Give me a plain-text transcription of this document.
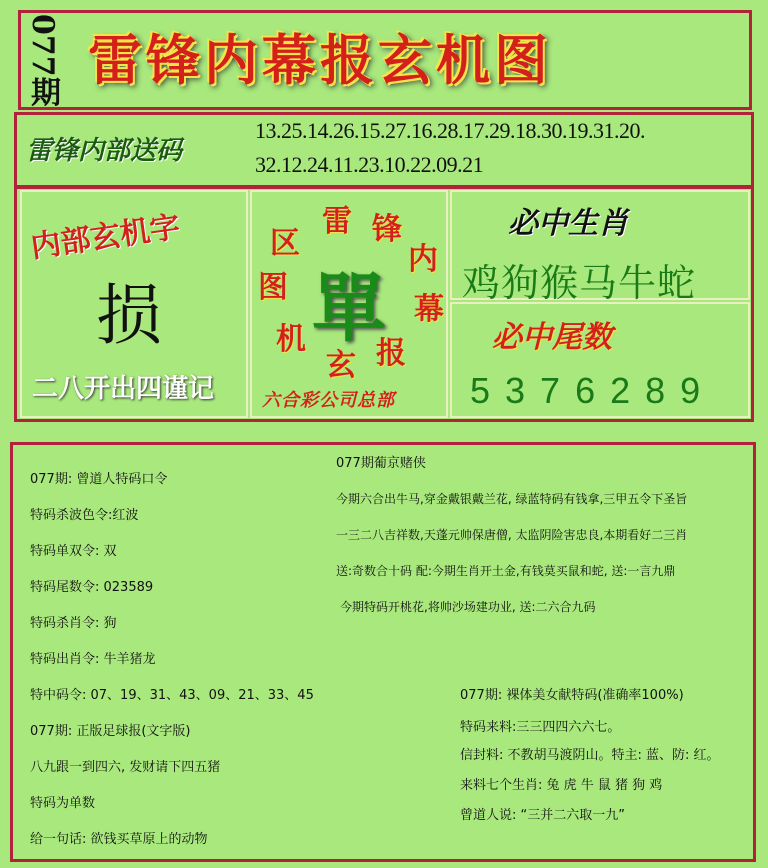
077期 雷锋内幕报玄机图
雷锋内部送码
13.25.14.26.15.27.16.28.17.29.18.30.19.31.20.
32.12.24.11.23.10.22.09.21
内部玄机字
损
二八开出四谨记
雷 锋
内
幕
报
玄
机
图
区
單
六合彩公司总部
必中生肖
鸡狗猴马牛蛇
必中尾数
5376289
077期: 曾道人特码口令
特码杀波色令:红波
特码单双令: 双
特码尾数令: 023589
特码杀肖令: 狗
特码出肖令: 牛羊猪龙
特中码令: 07、19、31、43、09、21、33、45
077期: 正版足球报(文字版)
八九跟一到四六, 发财请下四五猪
特码为单数
给一句话: 欲钱买草原上的动物
077期葡京赌侠
今期六合出牛马,穿金戴银戴兰花, 绿蓝特码有钱拿,三甲五令下圣旨
一三二八吉祥数,天蓬元帅保唐僧, 太监阴险害忠良,本期看好二三肖
送:奇数合十码 配:今期生肖开土金,有钱莫买鼠和蛇, 送:一言九鼎
今期特码开桃花,将帅沙场建功业, 送:二六合九码
077期: 裸体美女献特码(准确率100%)
特码来料:三三四四六六七。
信封料: 不教胡马渡阴山。特主: 蓝、防: 红。
来料七个生肖: 兔 虎 牛 鼠 猪 狗 鸡
曾道人说: “三并二六取一九”
